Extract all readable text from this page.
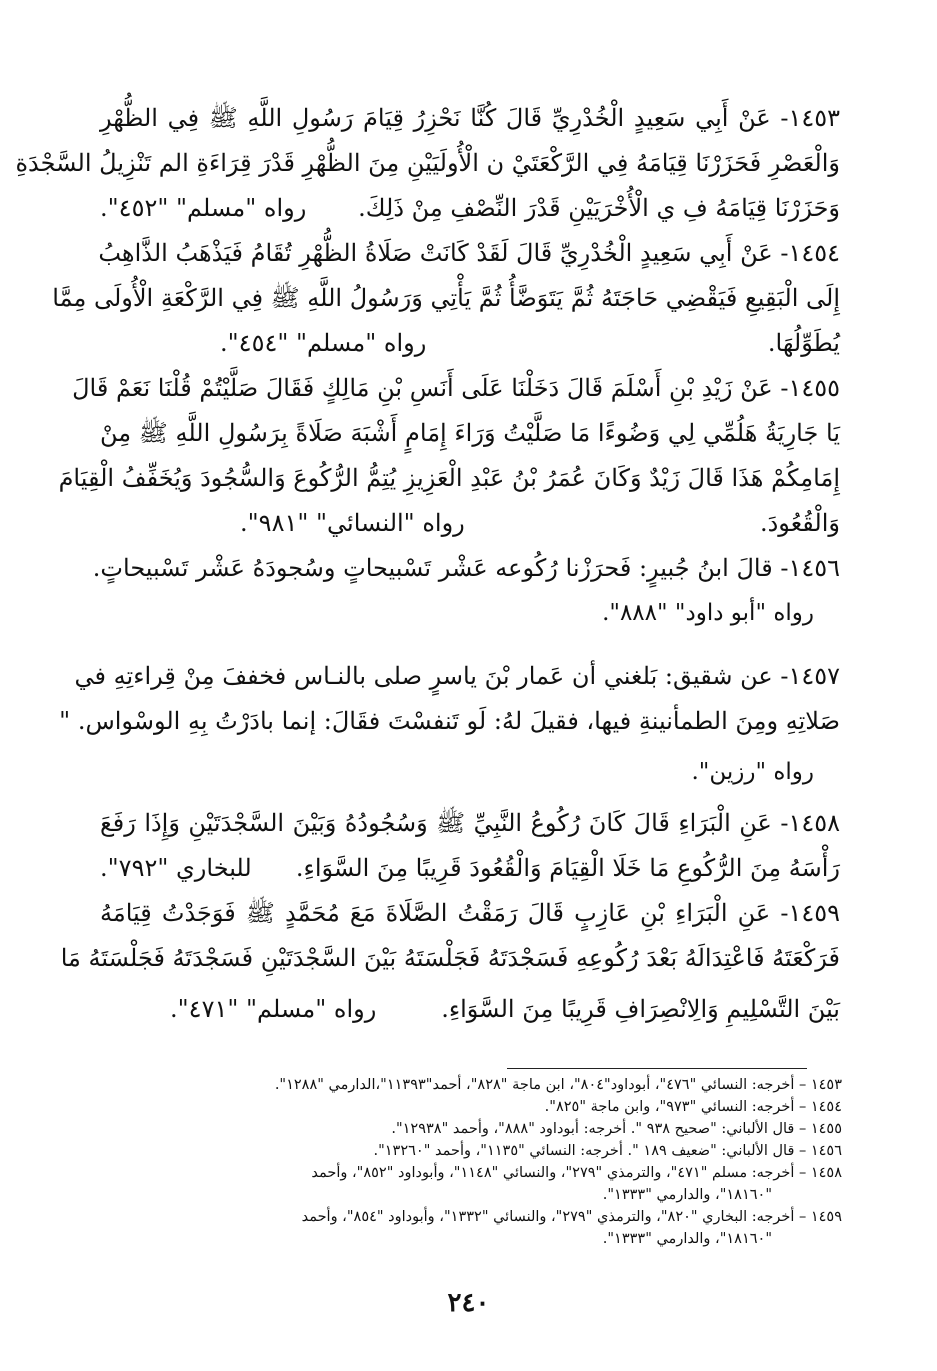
١٤٥٣- عَنْ أَبِي سَعِيدٍ الْخُدْرِيِّ قَالَ كُنَّا نَحْزِرُ قِيَامَ رَسُولِ اللَّهِ ﷺ فِي الظُّهْرِ
وَالْعَصْرِ فَحَزَرْنَا قِيَامَهُ فِي الرَّكْعَتَيْ ن الْأُولَيَيْنِ مِنَ الظُّهْرِ قَدْرَ قِرَاءَةِ الم تَنْزِيلُ السَّجْدَةِ
وَحَزَرْنَا قِيَامَهُ فِ ي الْأُخْرَيَيْنِ قَدْرَ النِّصْفِ مِنْ ذَلِكَ.
رواه "مسلم" "٤٥٢".
١٤٥٤- عَنْ أَبِي سَعِيدٍ الْخُدْرِيِّ قَالَ لَقَدْ كَانَتْ صَلَاةُ الظُّهْرِ تُقَامُ فَيَذْهَبُ الذَّاهِبُ
إِلَى الْبَقِيعِ فَيَقْضِي حَاجَتَهُ ثُمَّ يَتَوَضَّأُ ثُمَّ يَأْتِي وَرَسُولُ اللَّهِ ﷺ فِي الرَّكْعَةِ الْأُولَى مِمَّا
يُطَوِّلُهَا.
رواه "مسلم" "٤٥٤".
١٤٥٥- عَنْ زَيْدِ بْنِ أَسْلَمَ قَالَ دَخَلْنَا عَلَى أَنَسِ بْنِ مَالِكٍ فَقَالَ صَلَّيْتُمْ قُلْنَا نَعَمْ قَالَ
يَا جَارِيَةُ هَلُمِّي لِي وَضُوءًا مَا صَلَّيْتُ وَرَاءَ إِمَامٍ أَشْبَهَ صَلَاةً بِرَسُولِ اللَّهِ ﷺ مِنْ
إِمَامِكُمْ هَذَا قَالَ زَيْدٌ وَكَانَ عُمَرُ بْنُ عَبْدِ الْعَزِيزِ يُتِمُّ الرُّكُوعَ وَالسُّجُودَ وَيُخَفِّفُ الْقِيَامَ
وَالْقُعُودَ.
رواه "النسائي" "٩٨١".
١٤٥٦- قالَ ابنُ جُبيرٍ: فَحرَزْنا رُكُوعه عَشْر تَسْبيحاتٍ وسُجودَهُ عَشْر تَسْبيحاتٍ.
رواه "أبو داود" "٨٨٨".
١٤٥٧- عن شقيق: بَلغني أن عَمار بْنَ ياسرٍ صلى بالنـاس فخففَ مِنْ قِراءتِهِ في
صَلاتِهِ ومِنَ الطمأنينةِ فيها، فقيلَ لهُ: لَو تَنفسْتَ فقَالَ: إنما بادَرْتُ بِهِ الوسْواس. "
رواه "رزين".
١٤٥٨- عَنِ الْبَرَاءِ قَالَ كَانَ رُكُوعُ النَّبِيِّ ﷺ وَسُجُودُهُ وَبَيْنَ السَّجْدَتَيْنِ وَإِذَا رَفَعَ
رَأْسَهُ مِنَ الرُّكُوعِ مَا خَلَا الْقِيَامَ وَالْقُعُودَ قَرِيبًا مِنَ السَّوَاءِ.
للبخاري "٧٩٢".
١٤٥٩- عَنِ الْبَرَاءِ بْنِ عَازِبٍ قَالَ رَمَقْتُ الصَّلَاةَ مَعَ مُحَمَّدٍ ﷺ فَوَجَدْتُ قِيَامَهُ
فَرَكْعَتَهُ فَاعْتِدَالَهُ بَعْدَ رُكُوعِهِ فَسَجْدَتَهُ فَجَلْسَتَهُ بَيْنَ السَّجْدَتَيْنِ فَسَجْدَتَهُ فَجَلْسَتَهُ مَا
بَيْنَ التَّسْلِيمِ وَالِانْصِرَافِ قَرِيبًا مِنَ السَّوَاءِ.
رواه "مسلم" "٤٧١".
١٤٥٣ – أخرجه: النسائي "٤٧٦"، أبوداود"٨٠٤"، ابن ماجة "٨٢٨"، أحمد"١١٣٩٣"،الدارمي "١٢٨٨".
١٤٥٤ – أخرجه: النسائي "٩٧٣"، وابن ماجة "٨٢٥".
١٤٥٥ – قال الألباني: "صحيح ٩٣٨ ". أخرجه: أبوداود "٨٨٨"، وأحمد "١٢٩٣٨".
١٤٥٦ – قال الألباني: "ضعيف ١٨٩ ". أخرجه: النسائي "١١٣٥"، وأحمد "١٣٢٦٠".
١٤٥٨ – أخرجه: مسلم "٤٧١"، والترمذي "٢٧٩"، والنسائي "١١٤٨"، وأبوداود "٨٥٢"، وأحمد
"١٨١٦٠"، والدارمي "١٣٣٣".
١٤٥٩ – أخرجه: البخاري "٨٢٠"، والترمذي "٢٧٩"، والنسائي "١٣٣٢"، وأبوداود "٨٥٤"، وأحمد
"١٨١٦٠"، والدارمي "١٣٣٣".
٢٤٠
